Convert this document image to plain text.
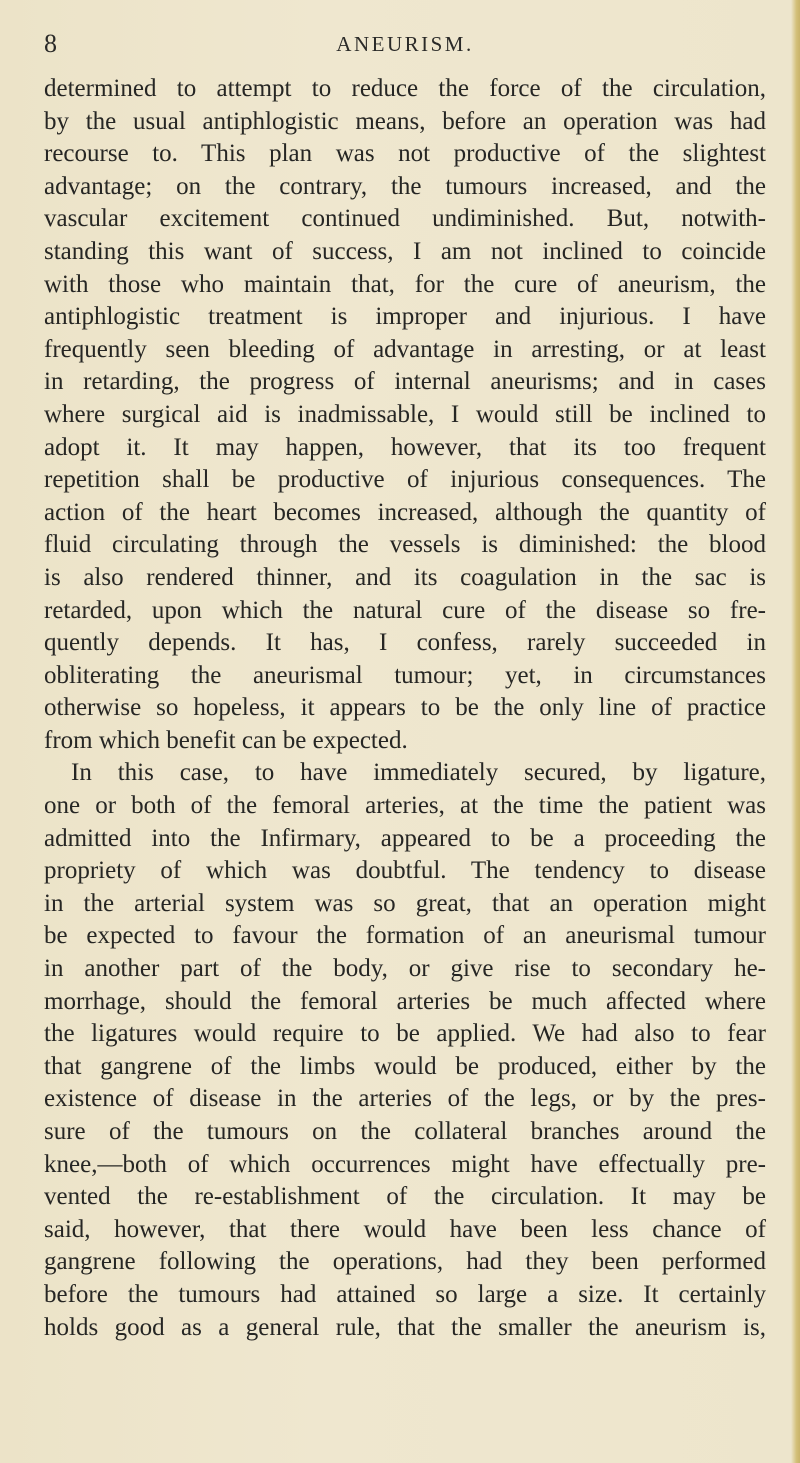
8	ANEURISM.
determined to attempt to reduce the force of the circulation,
by the usual antiphlogistic means, before an operation was had
recourse to. This plan was not productive of the slightest
advantage; on the contrary, the tumours increased, and the
vascular excitement continued undiminished. But, notwith-
standing this want of success, I am not inclined to coincide
with those who maintain that, for the cure of aneurism, the
antiphlogistic treatment is improper and injurious. I have
frequently seen bleeding of advantage in arresting, or at least
in retarding, the progress of internal aneurisms; and in cases
where surgical aid is inadmissable, I would still be inclined to
adopt it. It may happen, however, that its too frequent
repetition shall be productive of injurious consequences. The
action of the heart becomes increased, although the quantity of
fluid circulating through the vessels is diminished: the blood
is also rendered thinner, and its coagulation in the sac is
retarded, upon which the natural cure of the disease so fre-
quently depends. It has, I confess, rarely succeeded in
obliterating the aneurismal tumour; yet, in circumstances
otherwise so hopeless, it appears to be the only line of practice
from which benefit can be expected.
In this case, to have immediately secured, by ligature,
one or both of the femoral arteries, at the time the patient was
admitted into the Infirmary, appeared to be a proceeding the
propriety of which was doubtful. The tendency to disease
in the arterial system was so great, that an operation might
be expected to favour the formation of an aneurismal tumour
in another part of the body, or give rise to secondary he-
morrhage, should the femoral arteries be much affected where
the ligatures would require to be applied. We had also to fear
that gangrene of the limbs would be produced, either by the
existence of disease in the arteries of the legs, or by the pres-
sure of the tumours on the collateral branches around the
knee,—both of which occurrences might have effectually pre-
vented the re-establishment of the circulation. It may be
said, however, that there would have been less chance of
gangrene following the operations, had they been performed
before the tumours had attained so large a size. It certainly
holds good as a general rule, that the smaller the aneurism is,
